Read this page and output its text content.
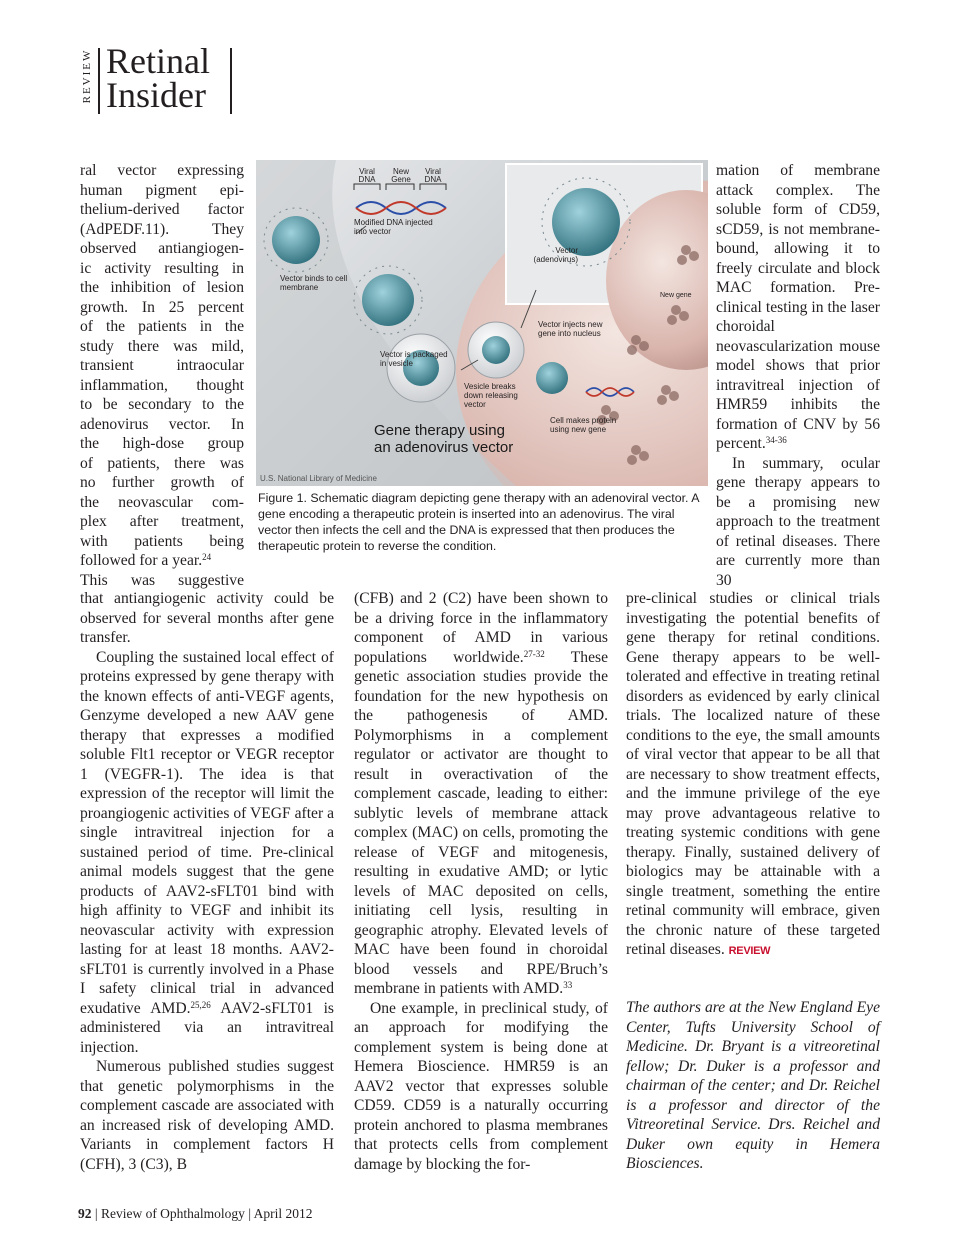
REVIEW Retinal
Insider
ral vector expressing
human pigment epi-
thelium-derived factor
(AdPEDF.11). They
observed antiangiogen-
ic activity resulting in
the inhibition of lesion
growth. In 25 percent
of the patients in the
study there was mild,
transient intraocular
inflammation, thought
to be secondary to the
adenovirus vector. In
the high-dose group
of patients, there was
no further growth of
the neovascular com-
plex after treatment,
with patients being
followed for a year.$^{24}$
This was suggestive

that antiangiogenic activity could be observed for several months after gene transfer.

Coupling the sustained local effect of proteins expressed by gene therapy with the known effects of anti-VEGF agents, Genzyme developed a new AAV gene therapy that expresses a modified soluble Flt1 receptor or VEGR receptor 1 (VEGFR-1). The idea is that expression of the receptor will limit the proangiogenic activities of VEGF after a single intravitreal injection for a sustained period of time. Pre-clinical animal models suggest that the gene products of AAV2-sFLT01 bind with high affinity to VEGF and inhibit its neovascular activity with expression lasting for at least 18 months. AAV2-sFLT01 is currently involved in a Phase I safety clinical trial in advanced exudative AMD.$^{25,26}$ AAV2-sFLT01 is administered via an intravitreal injection.

Numerous published studies suggest that genetic polymorphisms in the complement cascade are associated with an increased risk of developing AMD. Variants in complement factors H (CFH), 3 (C3), B

Viral DNA
New Gene
Viral DNA
Modified DNA injected into vector
Vector binds to cell membrane
Vector is packaged in vesicle
Vector (adenovirus)
New gene
Vector injects new gene into nucleus
Vesicle breaks down releasing vector
Cell makes protein using new gene
Gene therapy using
an adenovirus vector
U.S. National Library of Medicine
Figure 1. Schematic diagram depicting gene therapy with an adenoviral vector. A gene encoding a therapeutic protein is inserted into an adenovirus. The viral vector then infects the cell and the DNA is expressed that then produces the therapeutic protein to reverse the condition.

(CFB) and 2 (C2) have been shown to be a driving force in the inflammatory component of AMD in various populations worldwide.$^{27-32}$ These genetic association studies provide the foundation for the new hypothesis on the pathogenesis of AMD. Polymorphisms in a complement regulator or activator are thought to result in overactivation of the complement cascade, leading to either: sublytic levels of membrane attack complex (MAC) on cells, promoting the release of VEGF and mitogenesis, resulting in exudative AMD; or lytic levels of MAC deposited on cells, initiating cell lysis, resulting in geographic atrophy. Elevated levels of MAC have been found in choroidal blood vessels and RPE/Bruch’s membrane in patients with AMD.$^{33}$

One example, in preclinical study, of an approach for modifying the complement system is being done at Hemera Bioscience. HMR59 is an AAV2 vector that expresses soluble CD59. CD59 is a naturally occurring protein anchored to plasma membranes that protects cells from complement damage by blocking the for-

mation of membrane attack complex. The soluble form of CD59, sCD59, is not membrane-bound, allowing it to freely circulate and block MAC formation. Pre-clinical testing in the laser choroidal neovascularization mouse model shows that prior intravitreal injection of HMR59 inhibits the formation of CNV by 56 percent.$^{34-36}$

In summary, ocular gene therapy appears to be a promising new approach to the treatment of retinal diseases. There are currently more than 30

pre-clinical studies or clinical trials investigating the potential benefits of gene therapy for retinal conditions. Gene therapy appears to be well-tolerated and effective in treating retinal disorders as evidenced by early clinical trials. The localized nature of these conditions to the eye, the small amounts of viral vector that appear to be all that are necessary to show treatment effects, and the immune privilege of the eye may prove advantageous relative to treating systemic conditions with gene therapy. Finally, sustained delivery of biologics may be attainable with a single treatment, something the entire retinal community will embrace, given the chronic nature of these targeted retinal diseases. REVIEW

The authors are at the New England Eye Center, Tufts University School of Medicine. Dr. Bryant is a vitreoretinal fellow; Dr. Duker is a professor and chairman of the center; and Dr. Reichel is a professor and director of the Vitreoretinal Service. Drs. Reichel and Duker own equity in Hemera Biosciences.
92 | Review of Ophthalmology | April 2012
